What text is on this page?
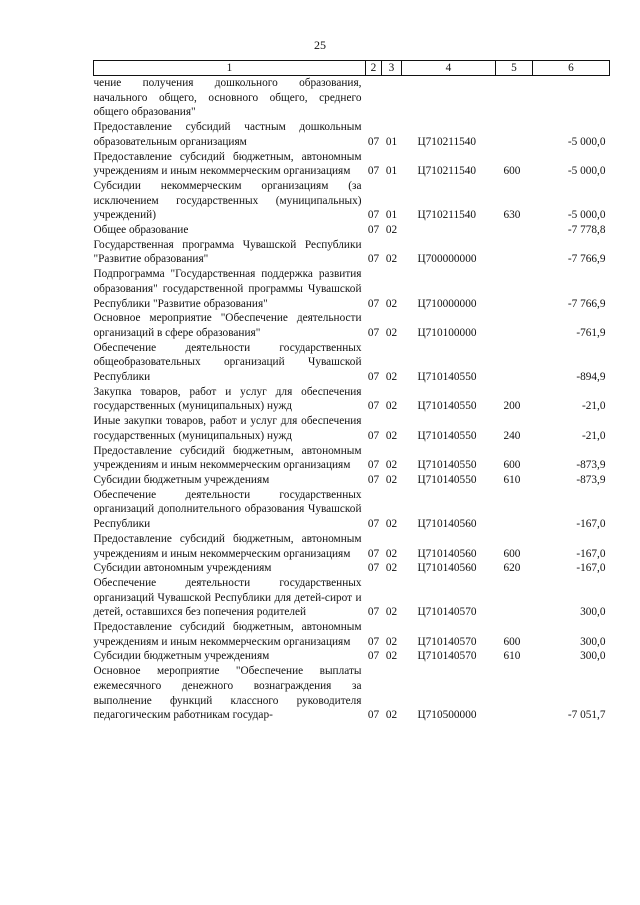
25
1	2	3	4	5	6
чение получения дошкольного образования, начального общего, основного общего, среднего общего образования"					
Предоставление субсидий частным дошкольным образовательным организациям	07	01	Ц710211540		-5 000,0
Предоставление субсидий бюджетным, автономным учреждениям и иным некоммерческим организациям	07	01	Ц710211540	600	-5 000,0
Субсидии некоммерческим организациям (за исключением государственных (муниципальных) учреждений)	07	01	Ц710211540	630	-5 000,0
Общее образование	07	02			-7 778,8
Государственная программа Чувашской Республики "Развитие образования"	07	02	Ц700000000		-7 766,9
Подпрограмма "Государственная поддержка развития образования" государственной программы Чувашской Республики "Развитие образования"	07	02	Ц710000000		-7 766,9
Основное мероприятие "Обеспечение деятельности организаций в сфере образования"	07	02	Ц710100000		-761,9
Обеспечение деятельности государственных общеобразовательных организаций Чувашской Республики	07	02	Ц710140550		-894,9
Закупка товаров, работ и услуг для обеспечения государственных (муниципальных) нужд	07	02	Ц710140550	200	-21,0
Иные закупки товаров, работ и услуг для обеспечения государственных (муниципальных) нужд	07	02	Ц710140550	240	-21,0
Предоставление субсидий бюджетным, автономным учреждениям и иным некоммерческим организациям	07	02	Ц710140550	600	-873,9
Субсидии бюджетным учреждениям	07	02	Ц710140550	610	-873,9
Обеспечение деятельности государственных организаций дополнительного образования Чувашской Республики	07	02	Ц710140560		-167,0
Предоставление субсидий бюджетным, автономным учреждениям и иным некоммерческим организациям	07	02	Ц710140560	600	-167,0
Субсидии автономным учреждениям	07	02	Ц710140560	620	-167,0
Обеспечение деятельности государственных организаций Чувашской Республики для детей-сирот и детей, оставшихся без попечения родителей	07	02	Ц710140570		300,0
Предоставление субсидий бюджетным, автономным учреждениям и иным некоммерческим организациям	07	02	Ц710140570	600	300,0
Субсидии бюджетным учреждениям	07	02	Ц710140570	610	300,0
Основное мероприятие "Обеспечение выплаты ежемесячного денежного вознаграждения за выполнение функций классного руководителя педагогическим работникам государ-	07	02	Ц710500000		-7 051,7
